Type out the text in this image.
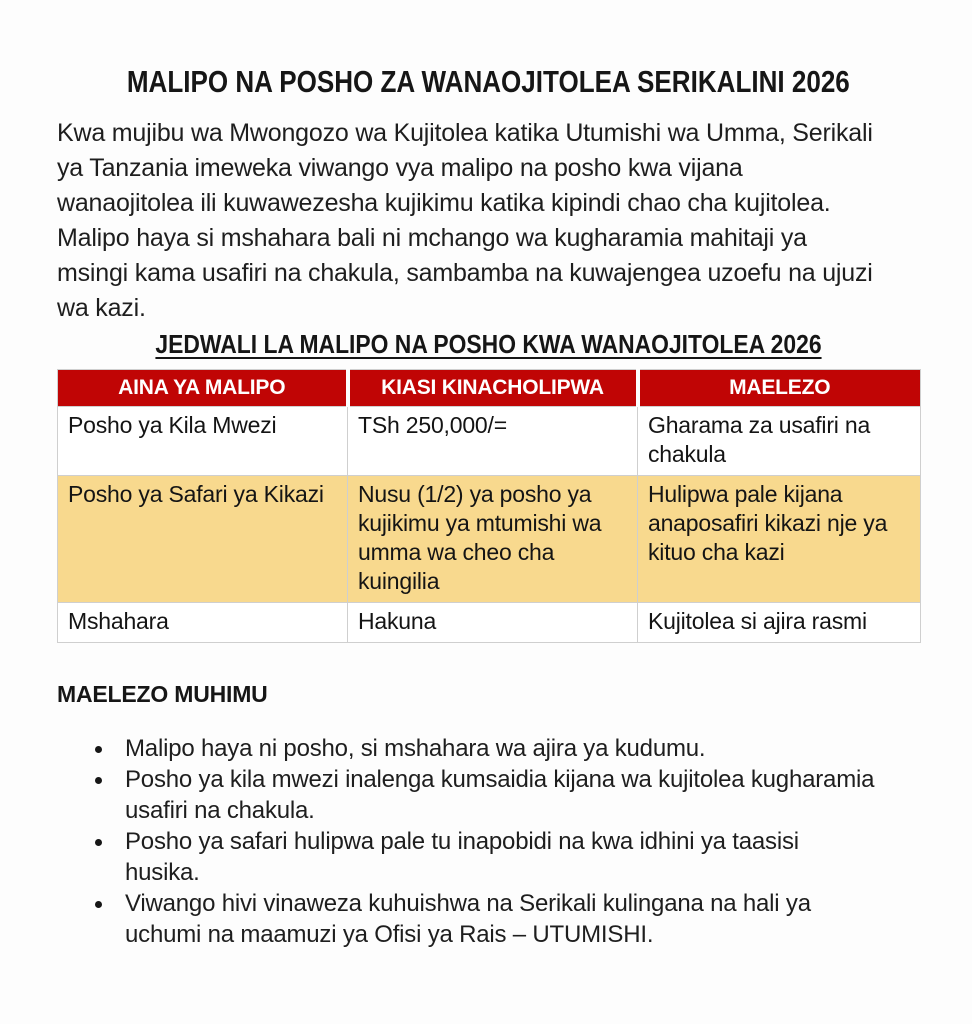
MALIPO NA POSHO ZA WANAOJITOLEA SERIKALINI 2026
Kwa mujibu wa Mwongozo wa Kujitolea katika Utumishi wa Umma, Serikali
ya Tanzania imeweka viwango vya malipo na posho kwa vijana
wanaojitolea ili kuwawezesha kujikimu katika kipindi chao cha kujitolea.
Malipo haya si mshahara bali ni mchango wa kugharamia mahitaji ya
msingi kama usafiri na chakula, sambamba na kuwajengea uzoefu na ujuzi
wa kazi.
JEDWALI LA MALIPO NA POSHO KWA WANAOJITOLEA 2026
AINA YA MALIPO	KIASI KINACHOLIPWA	MAELEZO
Posho ya Kila Mwezi	TSh 250,000/=	Gharama za usafiri na chakula
Posho ya Safari ya Kikazi	Nusu (1/2) ya posho ya kujikimu ya mtumishi wa umma wa cheo cha kuingilia	Hulipwa pale kijana anaposafiri kikazi nje ya kituo cha kazi
Mshahara	Hakuna	Kujitolea si ajira rasmi
MAELEZO MUHIMU
Malipo haya ni posho, si mshahara wa ajira ya kudumu.
Posho ya kila mwezi inalenga kumsaidia kijana wa kujitolea kugharamia usafiri na chakula.
Posho ya safari hulipwa pale tu inapobidi na kwa idhini ya taasisi husika.
Viwango hivi vinaweza kuhuishwa na Serikali kulingana na hali ya uchumi na maamuzi ya Ofisi ya Rais – UTUMISHI.
